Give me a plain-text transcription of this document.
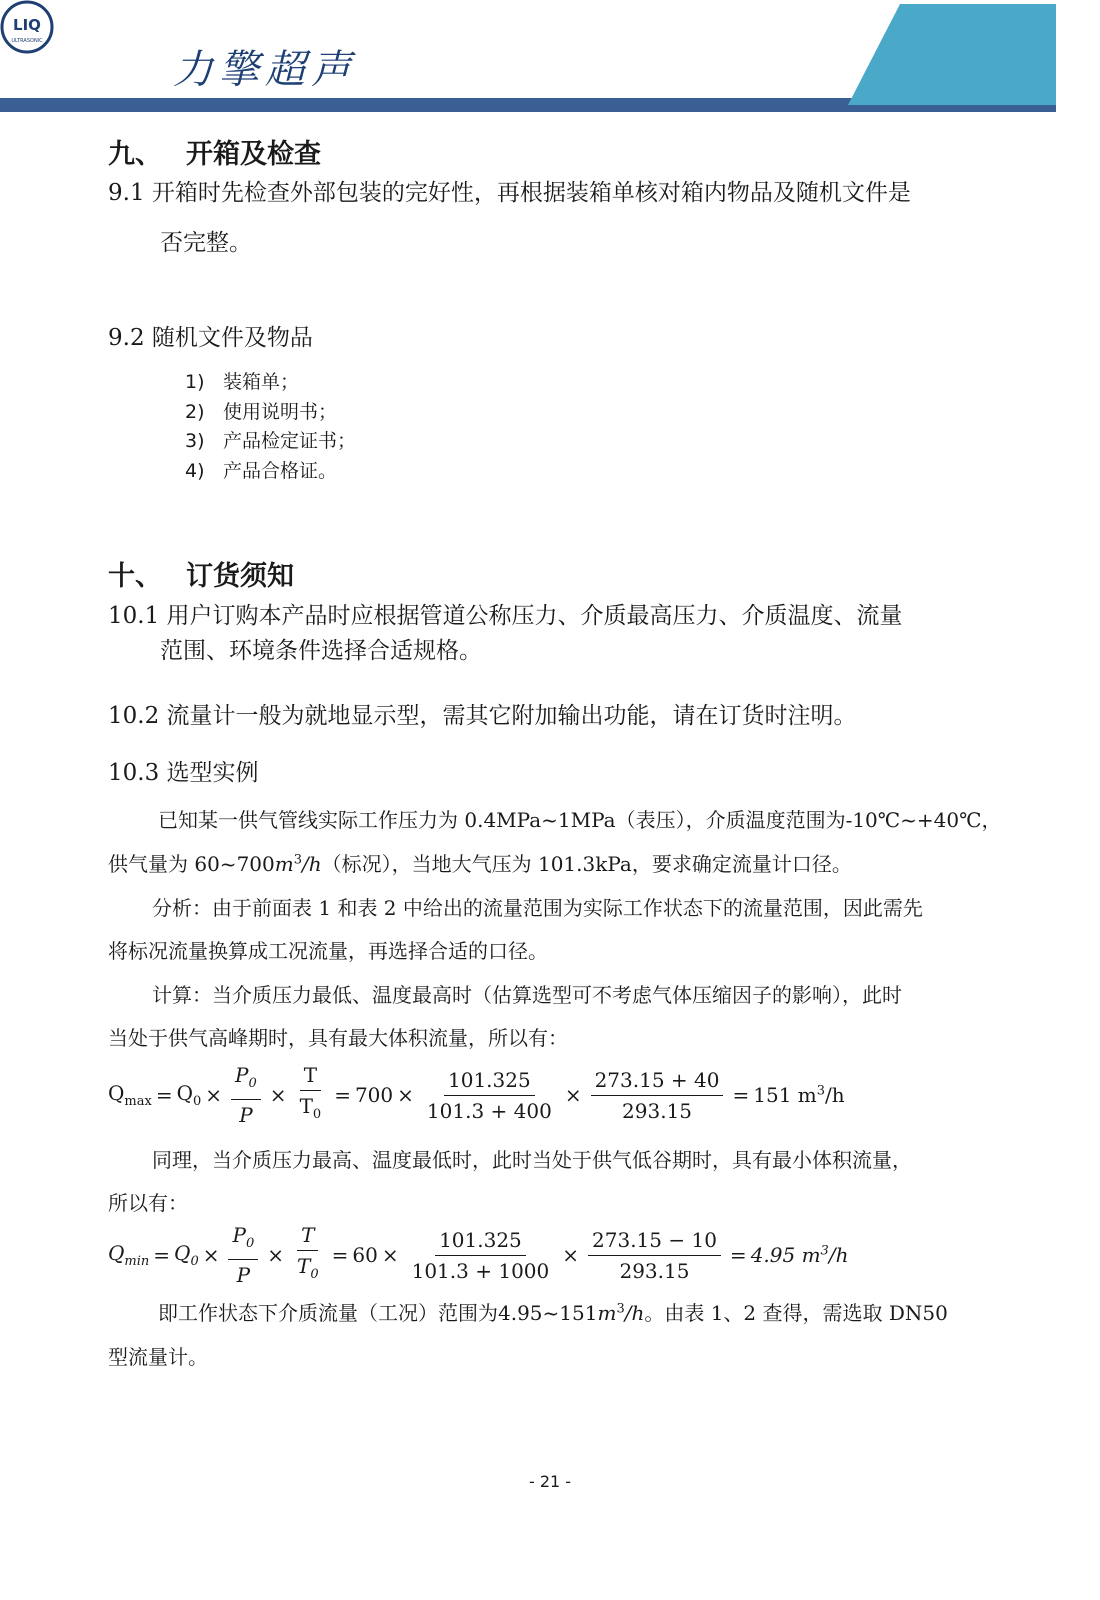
LIQ
ULTRASONIC
力擎超声
九、 开箱及检查
9.1 开箱时先检查外部包装的完好性，再根据装箱单核对箱内物品及随机文件是
否完整。
9.2 随机文件及物品
1) 装箱单；
2) 使用说明书；
3) 产品检定证书；
4) 产品合格证。
十、 订货须知
10.1 用户订购本产品时应根据管道公称压力、介质最高压力、介质温度、流量
范围、环境条件选择合适规格。
10.2 流量计一般为就地显示型，需其它附加输出功能，请在订货时注明。
10.3 选型实例
已知某一供气管线实际工作压力为 0.4MPa~1MPa（表压），介质温度范围为-10℃~+40℃，
供气量为 $60\sim 700m^3/h$（标况），当地大气压为 101.3kPa，要求确定流量计口径。
分析：由于前面表 1 和表 2 中给出的流量范围为实际工作状态下的流量范围，因此需先
将标况流量换算成工况流量，再选择合适的口径。
计算：当介质压力最低、温度最高时（估算选型可不考虑气体压缩因子的影响），此时
当处于供气高峰期时，具有最大体积流量，所以有：
$Q_{max} = Q_0 \times \frac{P_0}{P} \times \frac{T}{T_0} = 700 \times \frac{101.325}{101.3 + 400} \times \frac{273.15 + 40}{293.15} = 151$ $m^3/h$
同理，当介质压力最高、温度最低时，此时当处于供气低谷期时，具有最小体积流量，
所以有：
$Q_{min} = Q_0 \times \frac{P_0}{P} \times \frac{T}{T_0} = 60 \times \frac{101.325}{101.3 + 1000} \times \frac{273.15 - 10}{293.15} = 4.95$ $m^3/h$
即工作状态下介质流量（工况）范围为$4.95\sim 151m^3/h$。由表 1、2 查得，需选取 DN50
型流量计。
- 21 -
